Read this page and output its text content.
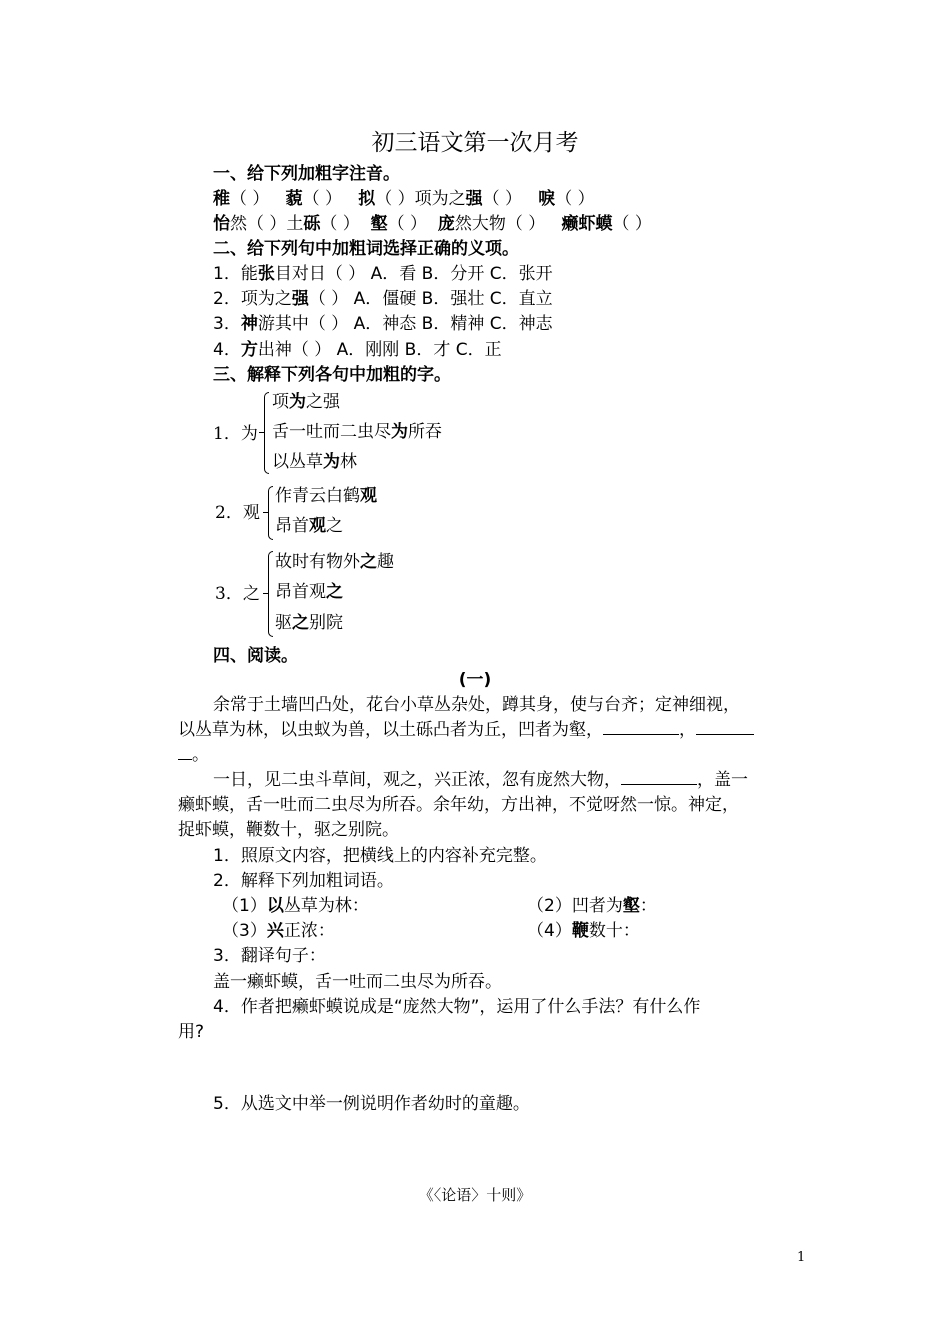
初三语文第一次月考
一、给下列加粗字注音。
稚（ ） 藐（ ） 拟（ ）项为之强（ ） 唳（ ）
怡然（ ）土砾（ ） 壑（ ） 庞然大物（ ） 癞虾蟆（ ）
二、给下列句中加粗词选择正确的义项。
1．能张目对日（ ） A．看 B．分开 C．张开
2．项为之强（ ） A．僵硬 B．强壮 C．直立
3．神游其中（ ） A．神态 B．精神 C．神志
4．方出神（ ） A．刚刚 B．才 C．正
三、解释下列各句中加粗的字。
1．为
项为之强
舌一吐而二虫尽为所吞
以丛草为林
2．观
作青云白鹤观
昂首观之
3．之
故时有物外之趣
昂首观之
驱之别院
四、阅读。
(一)
余常于土墙凹凸处，花台小草丛杂处，蹲其身，使与台齐；定神细视，
以丛草为林，以虫蚁为兽，以土砾凸者为丘，凹者为壑，	，
。
一日，见二虫斗草间，观之，兴正浓，忽有庞然大物，	，盖一
癞虾蟆，舌一吐而二虫尽为所吞。余年幼，方出神，不觉呀然一惊。神定，
捉虾蟆，鞭数十，驱之别院。
1．照原文内容，把横线上的内容补充完整。
2．解释下列加粗词语。
（1）以丛草为林：	（2）凹者为壑：
（3）兴正浓：	（4）鞭数十：
3．翻译句子：
盖一癞虾蟆，舌一吐而二虫尽为所吞。
4．作者把癞虾蟆说成是“庞然大物”，运用了什么手法？有什么作
用?
5．从选文中举一例说明作者幼时的童趣。
《〈论语〉十则》
1
